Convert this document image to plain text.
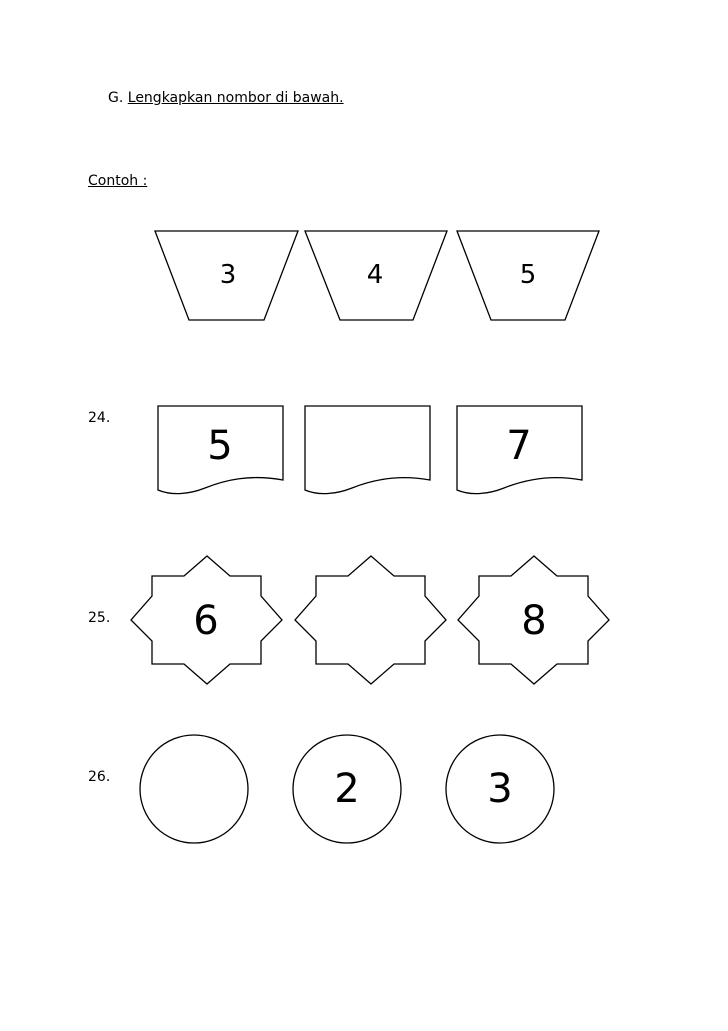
G. Lengkapkan nombor di bawah.
Contoh :
24.
25.
26.
3	4	5
5	7
6	8
2	3
